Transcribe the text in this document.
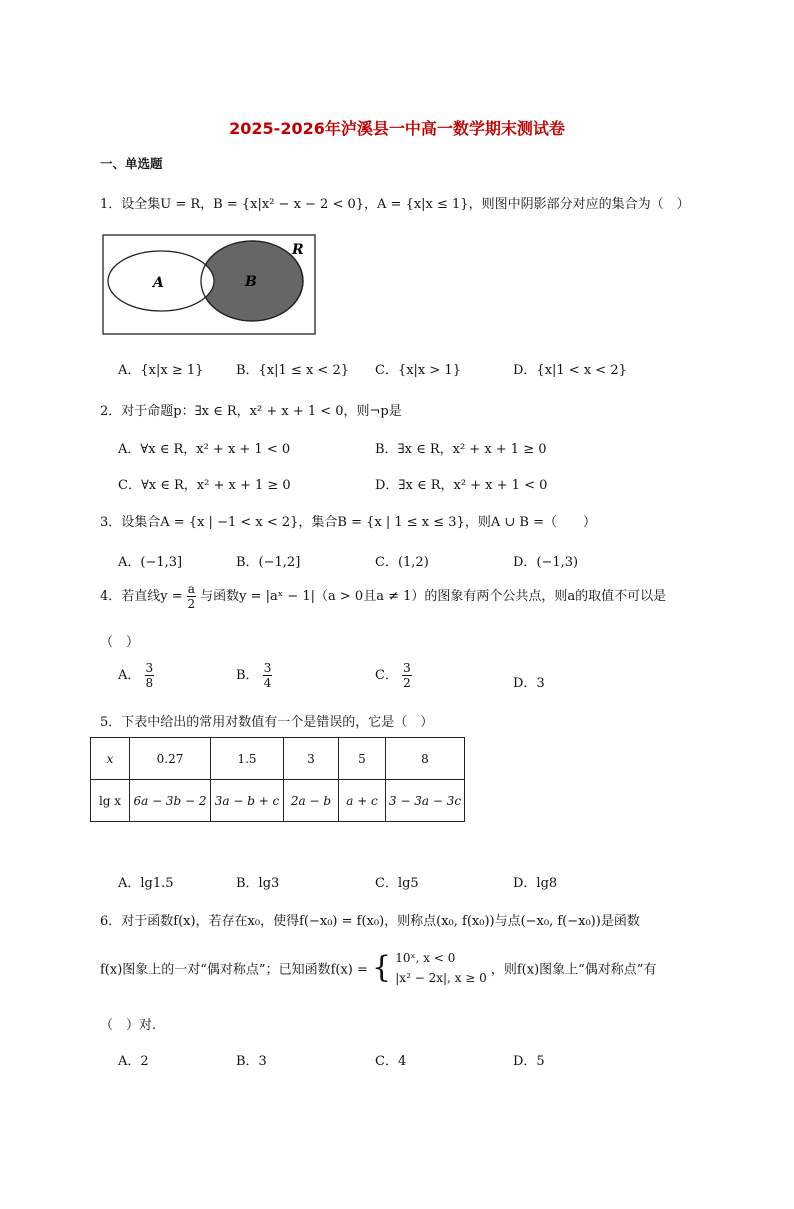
2025-2026年泸溪县一中高一数学期末测试卷
一、单选题
1．设全集U = R，B = {x|x² − x − 2 < 0}，A = {x|x ≤ 1}，则图中阴影部分对应的集合为（　）
A	B
R
A．{x|x ≥ 1}	B．{x|1 ≤ x < 2} C．{x|x > 1}	D．{x|1 < x < 2}
2．对于命题p：∃x ∈ R，x² + x + 1 < 0，则¬p是
A．∀x ∈ R，x² + x + 1 < 0	B．∃x ∈ R，x² + x + 1 ≥ 0
C．∀x ∈ R，x² + x + 1 ≥ 0	D．∃x ∈ R，x² + x + 1 < 0
3．设集合A = {x | −1 < x < 2}，集合B = {x | 1 ≤ x ≤ 3}，则A ∪ B =（　　）
A．(−1,3]	B．(−1,2]	C．(1,2)	D．(−1,3)
4．若直线$y = \frac{a}{2}$ 与函数y = |aˣ − 1|（a > 0且a ≠ 1）的图象有两个公共点，则a的取值不可以是
（　）
A． $\frac{3}{8}$	B． $\frac{3}{4}$	C． $\frac{3}{2}$	D．3
5．下表中给出的常用对数值有一个是错误的，它是（　）
x	0.27	1.5	3	5	8
lg x	6a − 3b − 2	3a − b + c	2a − b	a + c	3 − 3a − 3c
A．lg1.5	B．lg3	C．lg5	D．lg8
6．对于函数f(x)，若存在x₀，使得f(−x₀) = f(x₀)，则称点(x₀, f(x₀))与点(−x₀, f(−x₀))是函数
f(x)图象上的一对“偶对称点”；已知函数f(x) = { 10ˣ, x < 0
|x² − 2x|, x ≥ 0
，则f(x)图象上“偶对称点”有
（　）对.
A．2	B．3	C．4	D．5
